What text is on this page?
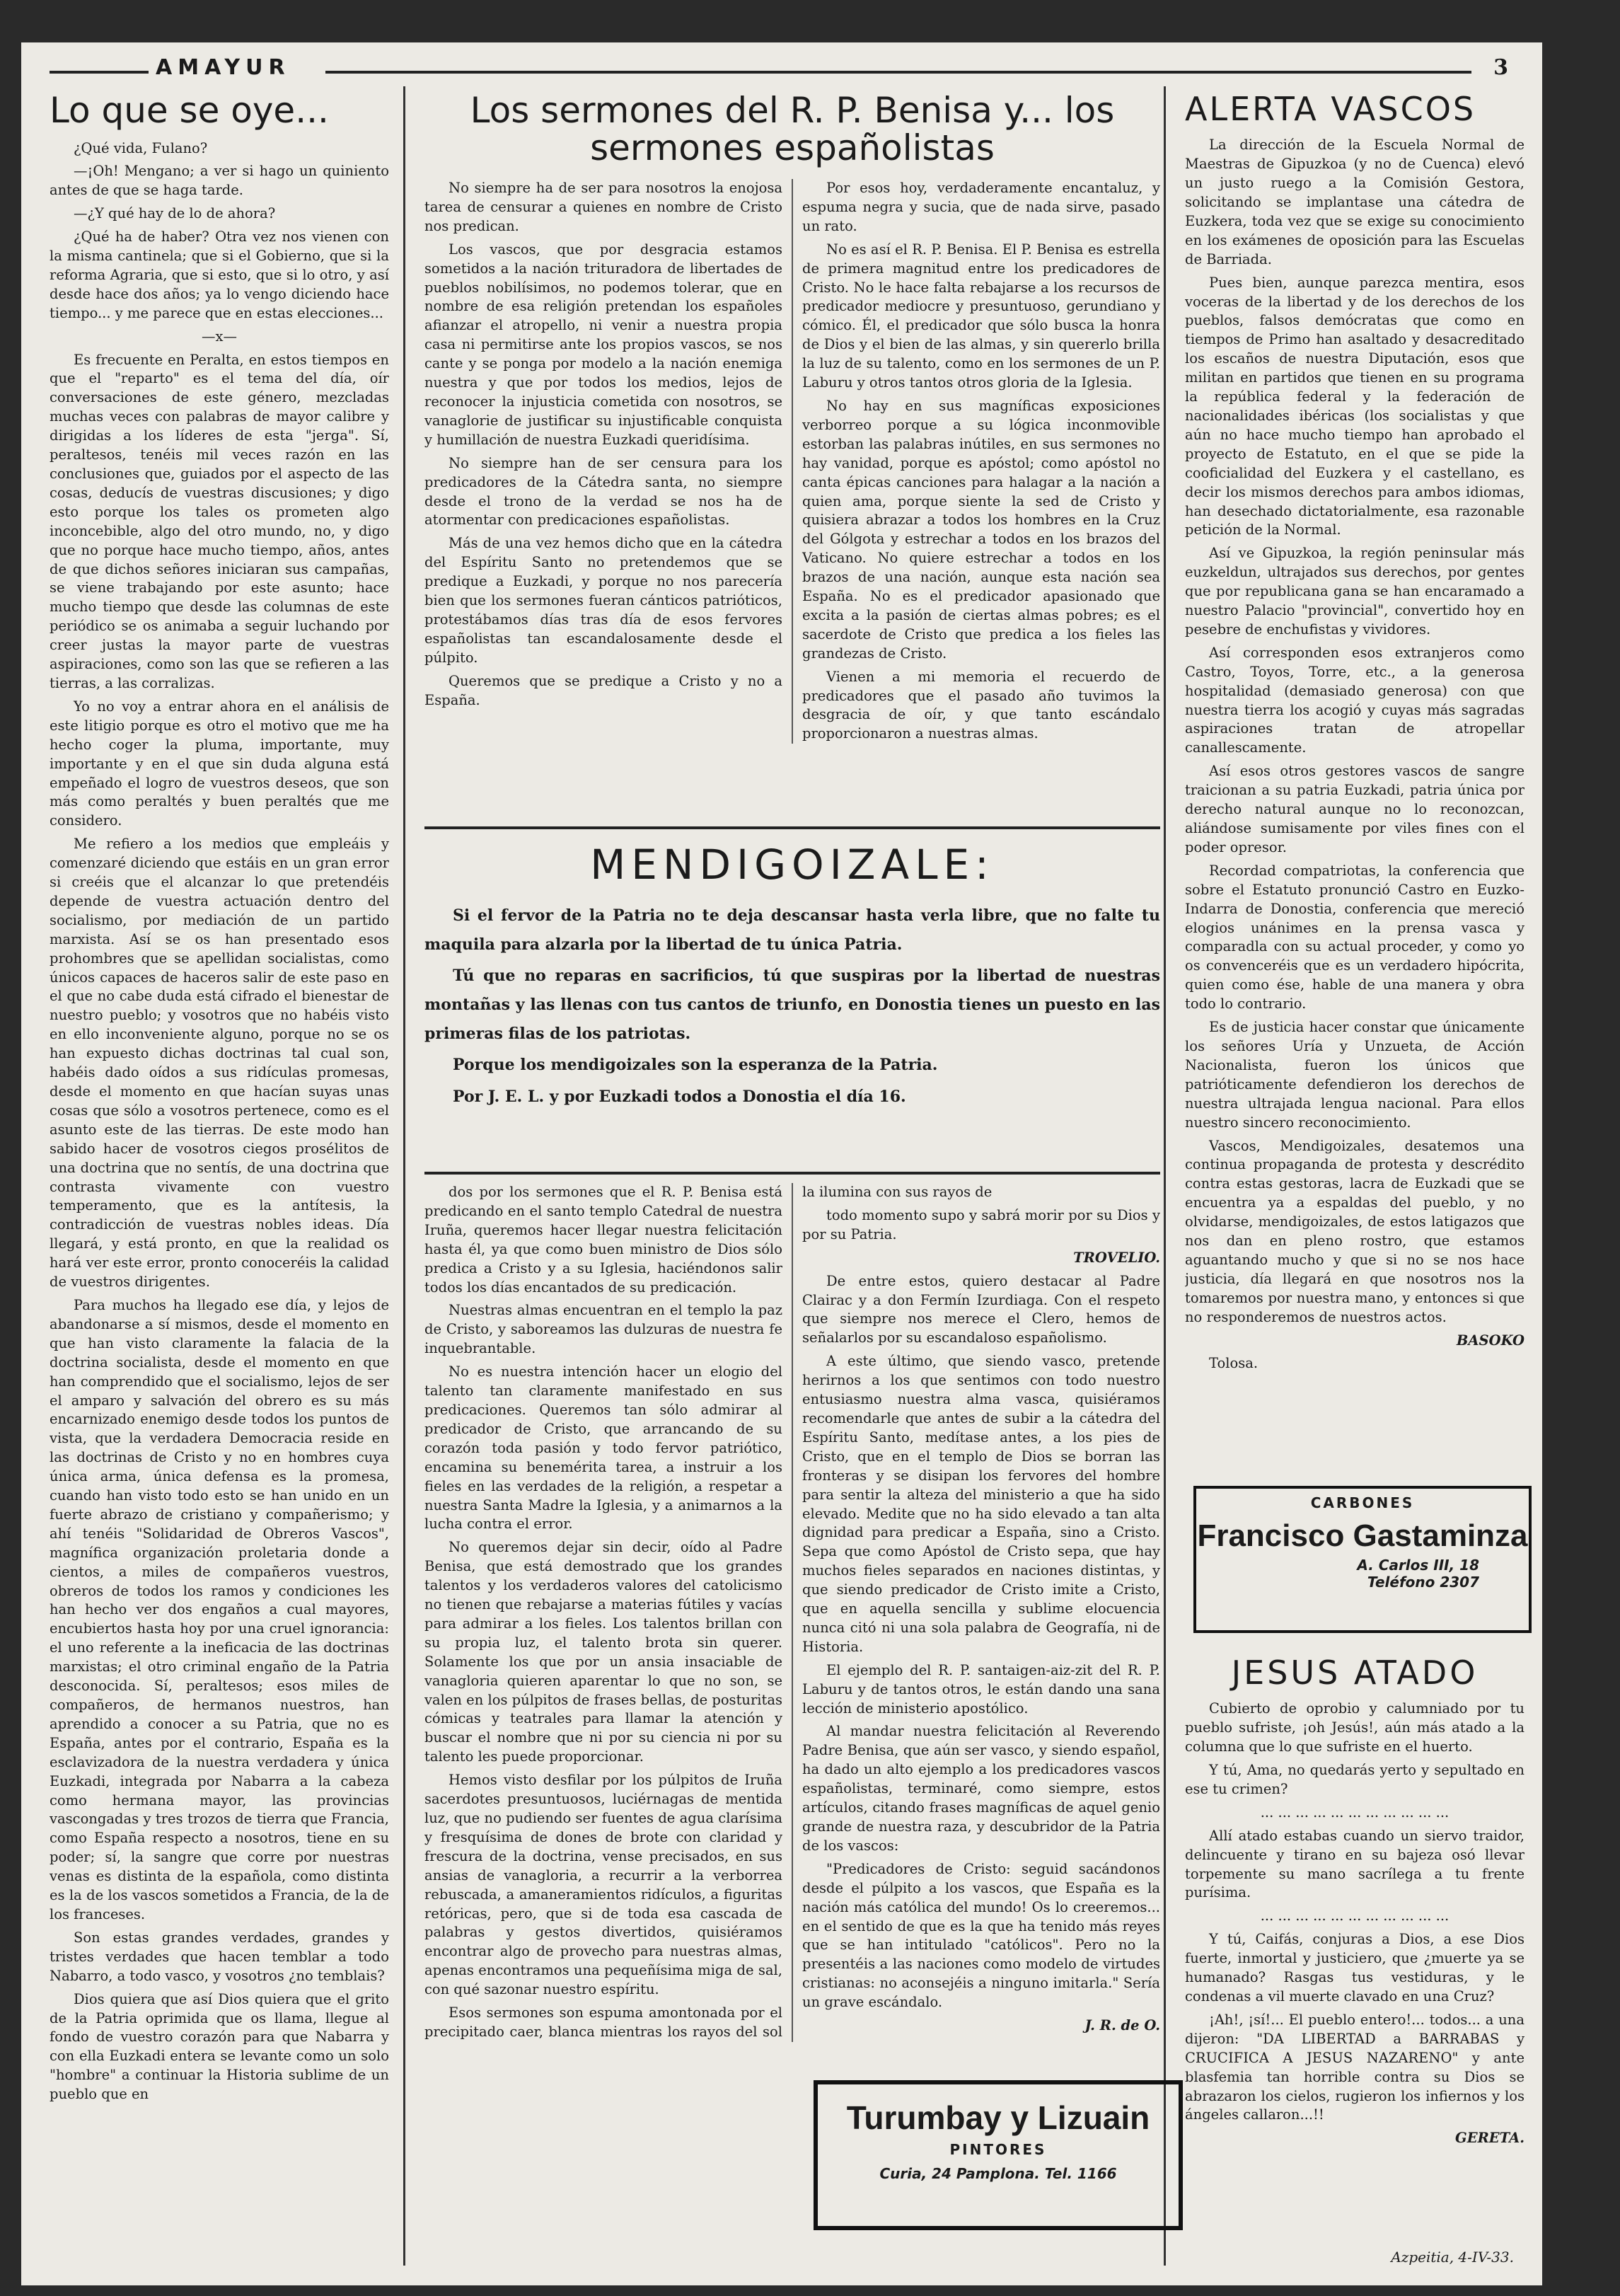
AMAYUR	3
Lo que se oye...

¿Qué vida, Fulano?

—¡Oh! Mengano; a ver si hago un quiniento antes de que se haga tarde.

—¿Y qué hay de lo de ahora?

¿Qué ha de haber? Otra vez nos vienen con la misma cantinela; que si el Gobierno, que si la reforma Agraria, que si esto, que si lo otro, y así desde hace dos años; ya lo vengo diciendo hace tiempo... y me parece que en estas elecciones...

—x—

Es frecuente en Peralta, en estos tiempos en que el "reparto" es el tema del día, oír conversaciones de este género, mezcladas muchas veces con palabras de mayor calibre y dirigidas a los líderes de esta "jerga". Sí, peraltesos, tenéis mil veces razón en las conclusiones que, guiados por el aspecto de las cosas, deducís de vuestras discusiones; y digo esto porque los tales os prometen algo inconcebible, algo del otro mundo, no, y digo que no porque hace mucho tiempo, años, antes de que dichos señores iniciaran sus campañas, se viene trabajando por este asunto; hace mucho tiempo que desde las columnas de este periódico se os animaba a seguir luchando por creer justas la mayor parte de vuestras aspiraciones, como son las que se refieren a las tierras, a las corralizas.

Yo no voy a entrar ahora en el análisis de este litigio porque es otro el motivo que me ha hecho coger la pluma, importante, muy importante y en el que sin duda alguna está empeñado el logro de vuestros deseos, que son más como peraltés y buen peraltés que me considero.

Me refiero a los medios que empleáis y comenzaré diciendo que estáis en un gran error si creéis que el alcanzar lo que pretendéis depende de vuestra actuación dentro del socialismo, por mediación de un partido marxista. Así se os han presentado esos prohombres que se apellidan socialistas, como únicos capaces de haceros salir de este paso en el que no cabe duda está cifrado el bienestar de nuestro pueblo; y vosotros que no habéis visto en ello inconveniente alguno, porque no se os han expuesto dichas doctrinas tal cual son, habéis dado oídos a sus ridículas promesas, desde el momento en que hacían suyas unas cosas que sólo a vosotros pertenece, como es el asunto este de las tierras. De este modo han sabido hacer de vosotros ciegos prosélitos de una doctrina que no sentís, de una doctrina que contrasta vivamente con vuestro temperamento, que es la antítesis, la contradicción de vuestras nobles ideas. Día llegará, y está pronto, en que la realidad os hará ver este error, pronto conoceréis la calidad de vuestros dirigentes.

Para muchos ha llegado ese día, y lejos de abandonarse a sí mismos, desde el momento en que han visto claramente la falacia de la doctrina socialista, desde el momento en que han comprendido que el socialismo, lejos de ser el amparo y salvación del obrero es su más encarnizado enemigo desde todos los puntos de vista, que la verdadera Democracia reside en las doctrinas de Cristo y no en hombres cuya única arma, única defensa es la promesa, cuando han visto todo esto se han unido en un fuerte abrazo de cristiano y compañerismo; y ahí tenéis "Solidaridad de Obreros Vascos", magnífica organización proletaria donde a cientos, a miles de compañeros vuestros, obreros de todos los ramos y condiciones les han hecho ver dos engaños a cual mayores, encubiertos hasta hoy por una cruel ignorancia: el uno referente a la ineficacia de las doctrinas marxistas; el otro criminal engaño de la Patria desconocida. Sí, peraltesos; esos miles de compañeros, de hermanos nuestros, han aprendido a conocer a su Patria, que no es España, antes por el contrario, España es la esclavizadora de la nuestra verdadera y única Euzkadi, integrada por Nabarra a la cabeza como hermana mayor, las provincias vascongadas y tres trozos de tierra que Francia, como España respecto a nosotros, tiene en su poder; sí, la sangre que corre por nuestras venas es distinta de la española, como distinta es la de los vascos sometidos a Francia, de la de los franceses.

Son estas grandes verdades, grandes y tristes verdades que hacen temblar a todo Nabarro, a todo vasco, y vosotros ¿no temblais?

Dios quiera que así Dios quiera que el grito de la Patria oprimida que os llama, llegue al fondo de vuestro corazón para que Nabarra y con ella Euzkadi entera se levante como un solo "hombre" a continuar la Historia sublime de un pueblo que en

Los sermones del R. P. Benisa y... los sermones españolistas

No siempre ha de ser para nosotros la enojosa tarea de censurar a quienes en nombre de Cristo nos predican.

Los vascos, que por desgracia estamos sometidos a la nación trituradora de libertades de pueblos nobilísimos, no podemos tolerar, que en nombre de esa religión pretendan los españoles afianzar el atropello, ni venir a nuestra propia casa ni permitirse ante los propios vascos, se nos cante y se ponga por modelo a la nación enemiga nuestra y que por todos los medios, lejos de reconocer la injusticia cometida con nosotros, se vanaglorie de justificar su injustificable conquista y humillación de nuestra Euzkadi queridísima.

No siempre han de ser censura para los predicadores de la Cátedra santa, no siempre desde el trono de la verdad se nos ha de atormentar con predicaciones españolistas.

Más de una vez hemos dicho que en la cátedra del Espíritu Santo no pretendemos que se predique a Euzkadi, y porque no nos parecería bien que los sermones fueran cánticos patrióticos, protestábamos días tras día de esos fervores españolistas tan escandalosamente desde el púlpito.

Queremos que se predique a Cristo y no a España.

Por esos hoy, verdaderamente encantaluz, y espuma negra y sucia, que de nada sirve, pasado un rato.

No es así el R. P. Benisa. El P. Benisa es estrella de primera magnitud entre los predicadores de Cristo. No le hace falta rebajarse a los recursos de predicador mediocre y presuntuoso, gerundiano y cómico. Él, el predicador que sólo busca la honra de Dios y el bien de las almas, y sin quererlo brilla la luz de su talento, como en los sermones de un P. Laburu y otros tantos otros gloria de la Iglesia.

No hay en sus magníficas exposiciones verborreo porque a su lógica inconmovible estorban las palabras inútiles, en sus sermones no hay vanidad, porque es apóstol; como apóstol no canta épicas canciones para halagar a la nación a quien ama, porque siente la sed de Cristo y quisiera abrazar a todos los hombres en la Cruz del Gólgota y estrechar a todos en los brazos del Vaticano. No quiere estrechar a todos en los brazos de una nación, aunque esta nación sea España. No es el predicador apasionado que excita a la pasión de ciertas almas pobres; es el sacerdote de Cristo que predica a los fieles las grandezas de Cristo.

Vienen a mi memoria el recuerdo de predicadores que el pasado año tuvimos la desgracia de oír, y que tanto escándalo proporcionaron a nuestras almas.

MENDIGOIZALE:

Si el fervor de la Patria no te deja descansar hasta verla libre, que no falte tu maquila para alzarla por la libertad de tu única Patria.

Tú que no reparas en sacrificios, tú que suspiras por la libertad de nuestras montañas y las llenas con tus cantos de triunfo, en Donostia tienes un puesto en las primeras filas de los patriotas.

Porque los mendigoizales son la esperanza de la Patria.

Por J. E. L. y por Euzkadi todos a Donostia el día 16.

dos por los sermones que el R. P. Benisa está predicando en el santo templo Catedral de nuestra Iruña, queremos hacer llegar nuestra felicitación hasta él, ya que como buen ministro de Dios sólo predica a Cristo y a su Iglesia, haciéndonos salir todos los días encantados de su predicación.

Nuestras almas encuentran en el templo la paz de Cristo, y saboreamos las dulzuras de nuestra fe inquebrantable.

No es nuestra intención hacer un elogio del talento tan claramente manifestado en sus predicaciones. Queremos tan sólo admirar al predicador de Cristo, que arrancando de su corazón toda pasión y todo fervor patriótico, encamina su benemérita tarea, a instruir a los fieles en las verdades de la religión, a respetar a nuestra Santa Madre la Iglesia, y a animarnos a la lucha contra el error.

No queremos dejar sin decir, oído al Padre Benisa, que está demostrado que los grandes talentos y los verdaderos valores del catolicismo no tienen que rebajarse a materias fútiles y vacías para admirar a los fieles. Los talentos brillan con su propia luz, el talento brota sin querer. Solamente los que por un ansia insaciable de vanagloria quieren aparentar lo que no son, se valen en los púlpitos de frases bellas, de posturitas cómicas y teatrales para llamar la atención y buscar el nombre que ni por su ciencia ni por su talento les puede proporcionar.

Hemos visto desfilar por los púlpitos de Iruña sacerdotes presuntuosos, luciérnagas de mentida luz, que no pudiendo ser fuentes de agua clarísima y fresquísima de dones de brote con claridad y frescura de la doctrina, vense precisados, en sus ansias de vanagloria, a recurrir a la verborrea rebuscada, a amaneramientos ridículos, a figuritas retóricas, pero, que si de toda esa cascada de palabras y gestos divertidos, quisiéramos encontrar algo de provecho para nuestras almas, apenas encontramos una pequeñísima miga de sal, con qué sazonar nuestro espíritu.

Esos sermones son espuma amontonada por el precipitado caer, blanca mientras los rayos del sol la ilumina con sus rayos de

todo momento supo y sabrá morir por su Dios y por su Patria.

TROVELIO.

De entre estos, quiero destacar al Padre Clairac y a don Fermín Izurdiaga. Con el respeto que siempre nos merece el Clero, hemos de señalarlos por su escandaloso españolismo.

A este último, que siendo vasco, pretende herirnos a los que sentimos con todo nuestro entusiasmo nuestra alma vasca, quisiéramos recomendarle que antes de subir a la cátedra del Espíritu Santo, medítase antes, a los pies de Cristo, que en el templo de Dios se borran las fronteras y se disipan los fervores del hombre para sentir la alteza del ministerio a que ha sido elevado. Medite que no ha sido elevado a tan alta dignidad para predicar a España, sino a Cristo. Sepa que como Apóstol de Cristo sepa, que hay muchos fieles separados en naciones distintas, y que siendo predicador de Cristo imite a Cristo, que en aquella sencilla y sublime elocuencia nunca citó ni una sola palabra de Geografía, ni de Historia.

El ejemplo del R. P. santaigen-aiz-zit del R. P. Laburu y de tantos otros, le están dando una sana lección de ministerio apostólico.

Al mandar nuestra felicitación al Reverendo Padre Benisa, que aún ser vasco, y siendo español, ha dado un alto ejemplo a los predicadores vascos españolistas, terminaré, como siempre, estos artículos, citando frases magníficas de aquel genio grande de nuestra raza, y descubridor de la Patria de los vascos:

"Predicadores de Cristo: seguid sacándonos desde el púlpito a los vascos, que España es la nación más católica del mundo! Os lo creeremos... en el sentido de que es la que ha tenido más reyes que se han intitulado "católicos". Pero no la presentéis a las naciones como modelo de virtudes cristianas: no aconsejéis a ninguno imitarla." Sería un grave escándalo.

J. R. de O.

ALERTA VASCOS

La dirección de la Escuela Normal de Maestras de Gipuzkoa (y no de Cuenca) elevó un justo ruego a la Comisión Gestora, solicitando se implantase una cátedra de Euzkera, toda vez que se exige su conocimiento en los exámenes de oposición para las Escuelas de Barriada.

Pues bien, aunque parezca mentira, esos voceras de la libertad y de los derechos de los pueblos, falsos demócratas que como en tiempos de Primo han asaltado y desacreditado los escaños de nuestra Diputación, esos que militan en partidos que tienen en su programa la república federal y la federación de nacionalidades ibéricas (los socialistas y que aún no hace mucho tiempo han aprobado el proyecto de Estatuto, en el que se pide la cooficialidad del Euzkera y el castellano, es decir los mismos derechos para ambos idiomas, han desechado dictatorialmente, esa razonable petición de la Normal.

Así ve Gipuzkoa, la región peninsular más euzkeldun, ultrajados sus derechos, por gentes que por republicana gana se han encaramado a nuestro Palacio "provincial", convertido hoy en pesebre de enchufistas y vividores.

Así corresponden esos extranjeros como Castro, Toyos, Torre, etc., a la generosa hospitalidad (demasiado generosa) con que nuestra tierra los acogió y cuyas más sagradas aspiraciones tratan de atropellar canallescamente.

Así esos otros gestores vascos de sangre traicionan a su patria Euzkadi, patria única por derecho natural aunque no lo reconozcan, aliándose sumisamente por viles fines con el poder opresor.

Recordad compatriotas, la conferencia que sobre el Estatuto pronunció Castro en Euzko-Indarra de Donostia, conferencia que mereció elogios unánimes en la prensa vasca y comparadla con su actual proceder, y como yo os convenceréis que es un verdadero hipócrita, quien como ése, hable de una manera y obra todo lo contrario.

Es de justicia hacer constar que únicamente los señores Uría y Unzueta, de Acción Nacionalista, fueron los únicos que patrióticamente defendieron los derechos de nuestra ultrajada lengua nacional. Para ellos nuestro sincero reconocimiento.

Vascos, Mendigoizales, desatemos una continua propaganda de protesta y descrédito contra estas gestoras, lacra de Euzkadi que se encuentra ya a espaldas del pueblo, y no olvidarse, mendigoizales, de estos latigazos que nos dan en pleno rostro, que estamos aguantando mucho y que si no se nos hace justicia, día llegará en que nosotros nos la tomaremos por nuestra mano, y entonces si que no responderemos de nuestros actos.

BASOKO

Tolosa.

CARBONES
Francisco Gastaminza
A. Carlos III, 18
Teléfono 2307
JESUS ATADO

Cubierto de oprobio y calumniado por tu pueblo sufriste, ¡oh Jesús!, aún más atado a la columna que lo que sufriste en el huerto.

Y tú, Ama, no quedarás yerto y sepultado en ese tu crimen?

... ... ... ... ... ... ... ... ... ... ...

Allí atado estabas cuando un siervo traidor, delincuente y tirano en su bajeza osó llevar torpemente su mano sacrílega a tu frente purísima.

... ... ... ... ... ... ... ... ... ... ...

Y tú, Caifás, conjuras a Dios, a ese Dios fuerte, inmortal y justiciero, que ¿muerte ya se humanado? Rasgas tus vestiduras, y le condenas a vil muerte clavado en una Cruz?

¡Ah!, ¡sí!... El pueblo entero!... todos... a una dijeron: "DA LIBERTAD a BARRABAS y CRUCIFICA A JESUS NAZARENO" y ante blasfemia tan horrible contra su Dios se abrazaron los cielos, rugieron los infiernos y los ángeles callaron...!!

GERETA.

Turumbay y Lizuain
PINTORES
Curia, 24 Pamplona. Tel. 1166
Azpeitia, 4-IV-33.
